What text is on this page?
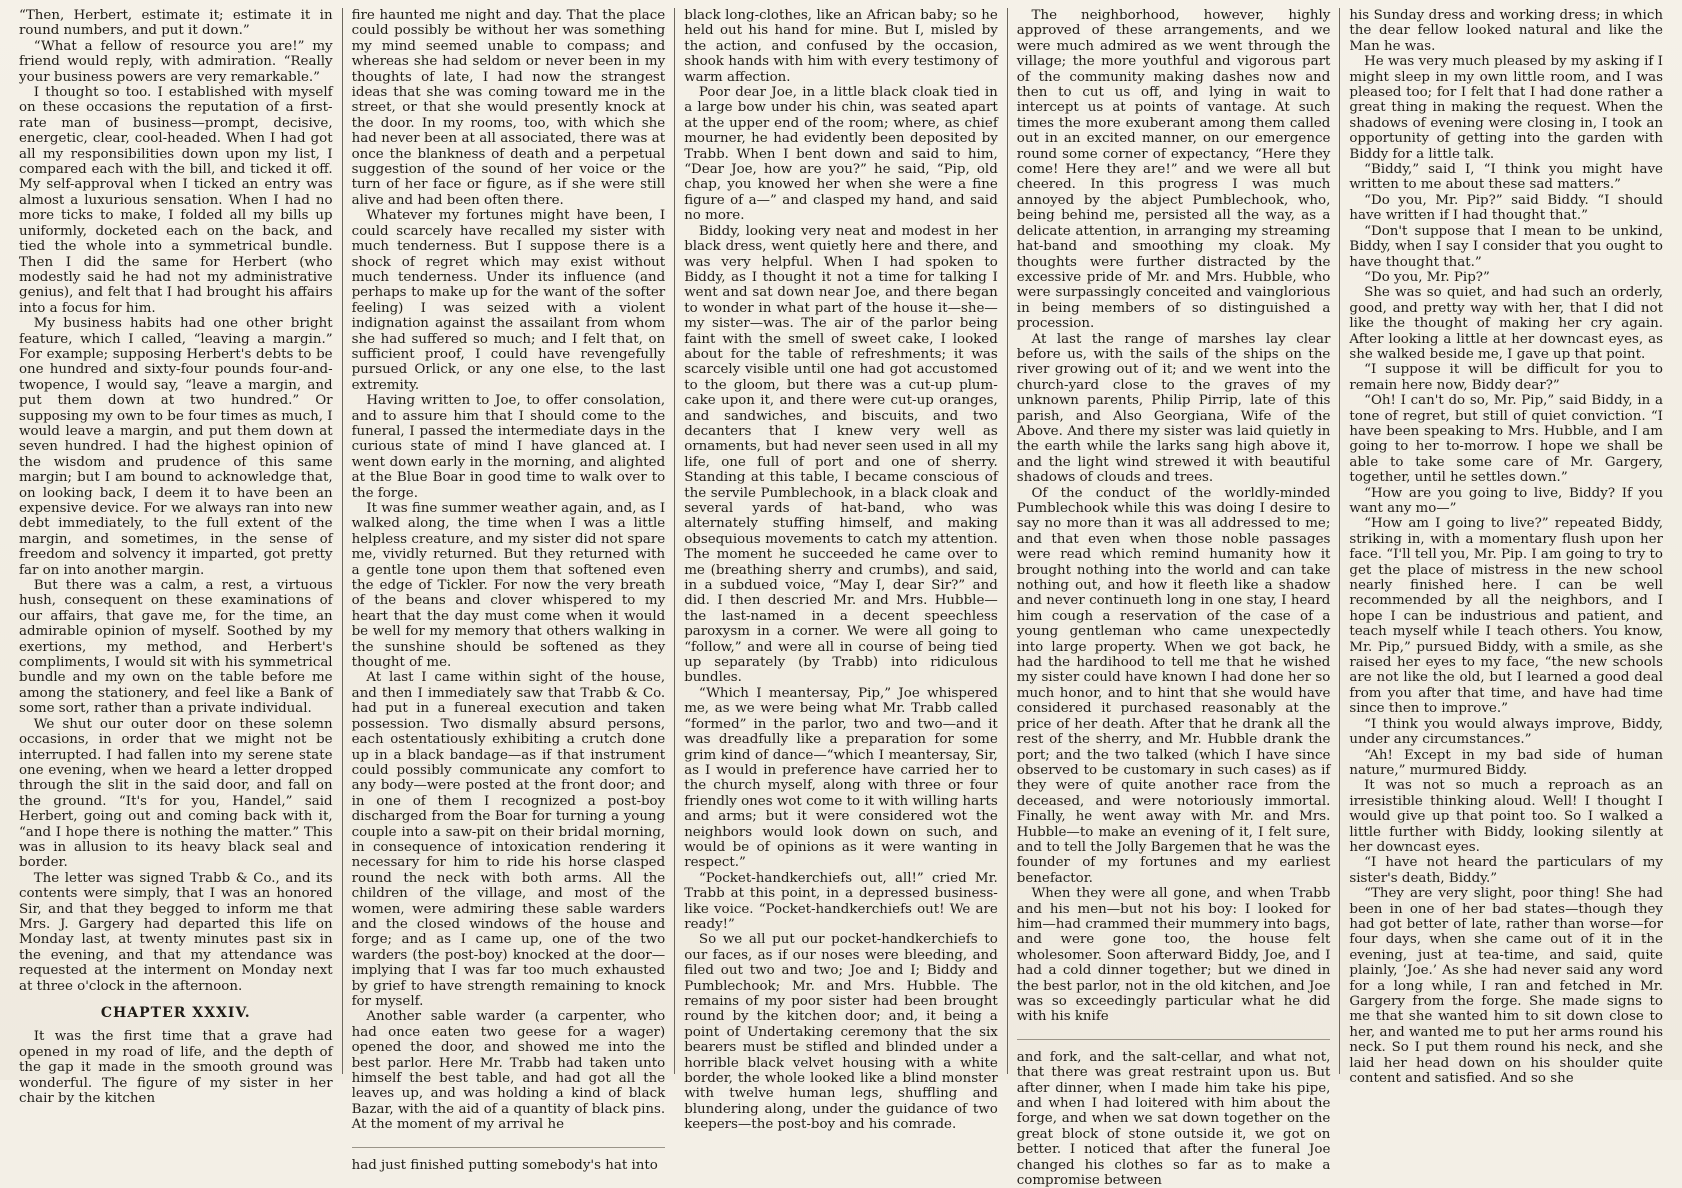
“Then, Herbert, estimate it; estimate it in round numbers, and put it down.”

“What a fellow of resource you are!” my friend would reply, with admiration. “Really your business powers are very remarkable.”

I thought so too. I established with myself on these occasions the reputation of a first-rate man of business—prompt, decisive, energetic, clear, cool-headed. When I had got all my responsibilities down upon my list, I compared each with the bill, and ticked it off. My self-approval when I ticked an entry was almost a luxurious sensation. When I had no more ticks to make, I folded all my bills up uniformly, docketed each on the back, and tied the whole into a symmetrical bundle. Then I did the same for Herbert (who modestly said he had not my administrative genius), and felt that I had brought his affairs into a focus for him.

My business habits had one other bright feature, which I called, “leaving a margin.” For example; supposing Herbert's debts to be one hundred and sixty-four pounds four-and-twopence, I would say, “leave a margin, and put them down at two hundred.” Or supposing my own to be four times as much, I would leave a margin, and put them down at seven hundred. I had the highest opinion of the wisdom and prudence of this same margin; but I am bound to acknowledge that, on looking back, I deem it to have been an expensive device. For we always ran into new debt immediately, to the full extent of the margin, and sometimes, in the sense of freedom and solvency it imparted, got pretty far on into another margin.

But there was a calm, a rest, a virtuous hush, consequent on these examinations of our affairs, that gave me, for the time, an admirable opinion of myself. Soothed by my exertions, my method, and Herbert's compliments, I would sit with his symmetrical bundle and my own on the table before me among the stationery, and feel like a Bank of some sort, rather than a private individual.

We shut our outer door on these solemn occasions, in order that we might not be interrupted. I had fallen into my serene state one evening, when we heard a letter dropped through the slit in the said door, and fall on the ground. “It's for you, Handel,” said Herbert, going out and coming back with it, “and I hope there is nothing the matter.” This was in allusion to its heavy black seal and border.

The letter was signed Trabb & Co., and its contents were simply, that I was an honored Sir, and that they begged to inform me that Mrs. J. Gargery had departed this life on Monday last, at twenty minutes past six in the evening, and that my attendance was requested at the interment on Monday next at three o'clock in the afternoon.

CHAPTER XXXIV.

It was the first time that a grave had opened in my road of life, and the depth of the gap it made in the smooth ground was wonderful. The figure of my sister in her chair by the kitchen

fire haunted me night and day. That the place could possibly be without her was something my mind seemed unable to compass; and whereas she had seldom or never been in my thoughts of late, I had now the strangest ideas that she was coming toward me in the street, or that she would presently knock at the door. In my rooms, too, with which she had never been at all associated, there was at once the blankness of death and a perpetual suggestion of the sound of her voice or the turn of her face or figure, as if she were still alive and had been often there.

Whatever my fortunes might have been, I could scarcely have recalled my sister with much tenderness. But I suppose there is a shock of regret which may exist without much tenderness. Under its influence (and perhaps to make up for the want of the softer feeling) I was seized with a violent indignation against the assailant from whom she had suffered so much; and I felt that, on sufficient proof, I could have revengefully pursued Orlick, or any one else, to the last extremity.

Having written to Joe, to offer consolation, and to assure him that I should come to the funeral, I passed the intermediate days in the curious state of mind I have glanced at. I went down early in the morning, and alighted at the Blue Boar in good time to walk over to the forge.

It was fine summer weather again, and, as I walked along, the time when I was a little helpless creature, and my sister did not spare me, vividly returned. But they returned with a gentle tone upon them that softened even the edge of Tickler. For now the very breath of the beans and clover whispered to my heart that the day must come when it would be well for my memory that others walking in the sunshine should be softened as they thought of me.

At last I came within sight of the house, and then I immediately saw that Trabb & Co. had put in a funereal execution and taken possession. Two dismally absurd persons, each ostentatiously exhibiting a crutch done up in a black bandage—as if that instrument could possibly communicate any comfort to any body—were posted at the front door; and in one of them I recognized a post-boy discharged from the Boar for turning a young couple into a saw-pit on their bridal morning, in consequence of intoxication rendering it necessary for him to ride his horse clasped round the neck with both arms. All the children of the village, and most of the women, were admiring these sable warders and the closed windows of the house and forge; and as I came up, one of the two warders (the post-boy) knocked at the door—implying that I was far too much exhausted by grief to have strength remaining to knock for myself.

Another sable warder (a carpenter, who had once eaten two geese for a wager) opened the door, and showed me into the best parlor. Here Mr. Trabb had taken unto himself the best table, and had got all the leaves up, and was holding a kind of black Bazar, with the aid of a quantity of black pins. At the moment of my arrival he

had just finished putting somebody's hat into

black long-clothes, like an African baby; so he held out his hand for mine. But I, misled by the action, and confused by the occasion, shook hands with him with every testimony of warm affection.

Poor dear Joe, in a little black cloak tied in a large bow under his chin, was seated apart at the upper end of the room; where, as chief mourner, he had evidently been deposited by Trabb. When I bent down and said to him, “Dear Joe, how are you?” he said, “Pip, old chap, you knowed her when she were a fine figure of a—” and clasped my hand, and said no more.

Biddy, looking very neat and modest in her black dress, went quietly here and there, and was very helpful. When I had spoken to Biddy, as I thought it not a time for talking I went and sat down near Joe, and there began to wonder in what part of the house it—she—my sister—was. The air of the parlor being faint with the smell of sweet cake, I looked about for the table of refreshments; it was scarcely visible until one had got accustomed to the gloom, but there was a cut-up plum-cake upon it, and there were cut-up oranges, and sandwiches, and biscuits, and two decanters that I knew very well as ornaments, but had never seen used in all my life, one full of port and one of sherry. Standing at this table, I became conscious of the servile Pumblechook, in a black cloak and several yards of hat-band, who was alternately stuffing himself, and making obsequious movements to catch my attention. The moment he succeeded he came over to me (breathing sherry and crumbs), and said, in a subdued voice, “May I, dear Sir?” and did. I then descried Mr. and Mrs. Hubble—the last-named in a decent speechless paroxysm in a corner. We were all going to “follow,” and were all in course of being tied up separately (by Trabb) into ridiculous bundles.

“Which I meantersay, Pip,” Joe whispered me, as we were being what Mr. Trabb called “formed” in the parlor, two and two—and it was dreadfully like a preparation for some grim kind of dance—“which I meantersay, Sir, as I would in preference have carried her to the church myself, along with three or four friendly ones wot come to it with willing harts and arms; but it were considered wot the neighbors would look down on such, and would be of opinions as it were wanting in respect.”

“Pocket-handkerchiefs out, all!” cried Mr. Trabb at this point, in a depressed business-like voice. “Pocket-handkerchiefs out! We are ready!”

So we all put our pocket-handkerchiefs to our faces, as if our noses were bleeding, and filed out two and two; Joe and I; Biddy and Pumblechook; Mr. and Mrs. Hubble. The remains of my poor sister had been brought round by the kitchen door; and, it being a point of Undertaking ceremony that the six bearers must be stifled and blinded under a horrible black velvet housing with a white border, the whole looked like a blind monster with twelve human legs, shuffling and blundering along, under the guidance of two keepers—the post-boy and his comrade.

The neighborhood, however, highly approved of these arrangements, and we were much admired as we went through the village; the more youthful and vigorous part of the community making dashes now and then to cut us off, and lying in wait to intercept us at points of vantage. At such times the more exuberant among them called out in an excited manner, on our emergence round some corner of expectancy, “Here they come! Here they are!” and we were all but cheered. In this progress I was much annoyed by the abject Pumblechook, who, being behind me, persisted all the way, as a delicate attention, in arranging my streaming hat-band and smoothing my cloak. My thoughts were further distracted by the excessive pride of Mr. and Mrs. Hubble, who were surpassingly conceited and vainglorious in being members of so distinguished a procession.

At last the range of marshes lay clear before us, with the sails of the ships on the river growing out of it; and we went into the church-yard close to the graves of my unknown parents, Philip Pirrip, late of this parish, and Also Georgiana, Wife of the Above. And there my sister was laid quietly in the earth while the larks sang high above it, and the light wind strewed it with beautiful shadows of clouds and trees.

Of the conduct of the worldly-minded Pumblechook while this was doing I desire to say no more than it was all addressed to me; and that even when those noble passages were read which remind humanity how it brought nothing into the world and can take nothing out, and how it fleeth like a shadow and never continueth long in one stay, I heard him cough a reservation of the case of a young gentleman who came unexpectedly into large property. When we got back, he had the hardihood to tell me that he wished my sister could have known I had done her so much honor, and to hint that she would have considered it purchased reasonably at the price of her death. After that he drank all the rest of the sherry, and Mr. Hubble drank the port; and the two talked (which I have since observed to be customary in such cases) as if they were of quite another race from the deceased, and were notoriously immortal. Finally, he went away with Mr. and Mrs. Hubble—to make an evening of it, I felt sure, and to tell the Jolly Bargemen that he was the founder of my fortunes and my earliest benefactor.

When they were all gone, and when Trabb and his men—but not his boy: I looked for him—had crammed their mummery into bags, and were gone too, the house felt wholesomer. Soon afterward Biddy, Joe, and I had a cold dinner together; but we dined in the best parlor, not in the old kitchen, and Joe was so exceedingly particular what he did with his knife

and fork, and the salt-cellar, and what not, that there was great restraint upon us. But after dinner, when I made him take his pipe, and when I had loitered with him about the forge, and when we sat down together on the great block of stone outside it, we got on better. I noticed that after the funeral Joe changed his clothes so far as to make a compromise between

his Sunday dress and working dress; in which the dear fellow looked natural and like the Man he was.

He was very much pleased by my asking if I might sleep in my own little room, and I was pleased too; for I felt that I had done rather a great thing in making the request. When the shadows of evening were closing in, I took an opportunity of getting into the garden with Biddy for a little talk.

“Biddy,” said I, “I think you might have written to me about these sad matters.”

“Do you, Mr. Pip?” said Biddy. “I should have written if I had thought that.”

“Don't suppose that I mean to be unkind, Biddy, when I say I consider that you ought to have thought that.”

“Do you, Mr. Pip?”

She was so quiet, and had such an orderly, good, and pretty way with her, that I did not like the thought of making her cry again. After looking a little at her downcast eyes, as she walked beside me, I gave up that point.

“I suppose it will be difficult for you to remain here now, Biddy dear?”

“Oh! I can't do so, Mr. Pip,” said Biddy, in a tone of regret, but still of quiet conviction. “I have been speaking to Mrs. Hubble, and I am going to her to-morrow. I hope we shall be able to take some care of Mr. Gargery, together, until he settles down.”

“How are you going to live, Biddy? If you want any mo—”

“How am I going to live?” repeated Biddy, striking in, with a momentary flush upon her face. “I'll tell you, Mr. Pip. I am going to try to get the place of mistress in the new school nearly finished here. I can be well recommended by all the neighbors, and I hope I can be industrious and patient, and teach myself while I teach others. You know, Mr. Pip,” pursued Biddy, with a smile, as she raised her eyes to my face, “the new schools are not like the old, but I learned a good deal from you after that time, and have had time since then to improve.”

“I think you would always improve, Biddy, under any circumstances.”

“Ah! Except in my bad side of human nature,” murmured Biddy.

It was not so much a reproach as an irresistible thinking aloud. Well! I thought I would give up that point too. So I walked a little further with Biddy, looking silently at her downcast eyes.

“I have not heard the particulars of my sister's death, Biddy.”

“They are very slight, poor thing! She had been in one of her bad states—though they had got better of late, rather than worse—for four days, when she came out of it in the evening, just at tea-time, and said, quite plainly, ‘Joe.’ As she had never said any word for a long while, I ran and fetched in Mr. Gargery from the forge. She made signs to me that she wanted him to sit down close to her, and wanted me to put her arms round his neck. So I put them round his neck, and she laid her head down on his shoulder quite content and satisfied. And so she
